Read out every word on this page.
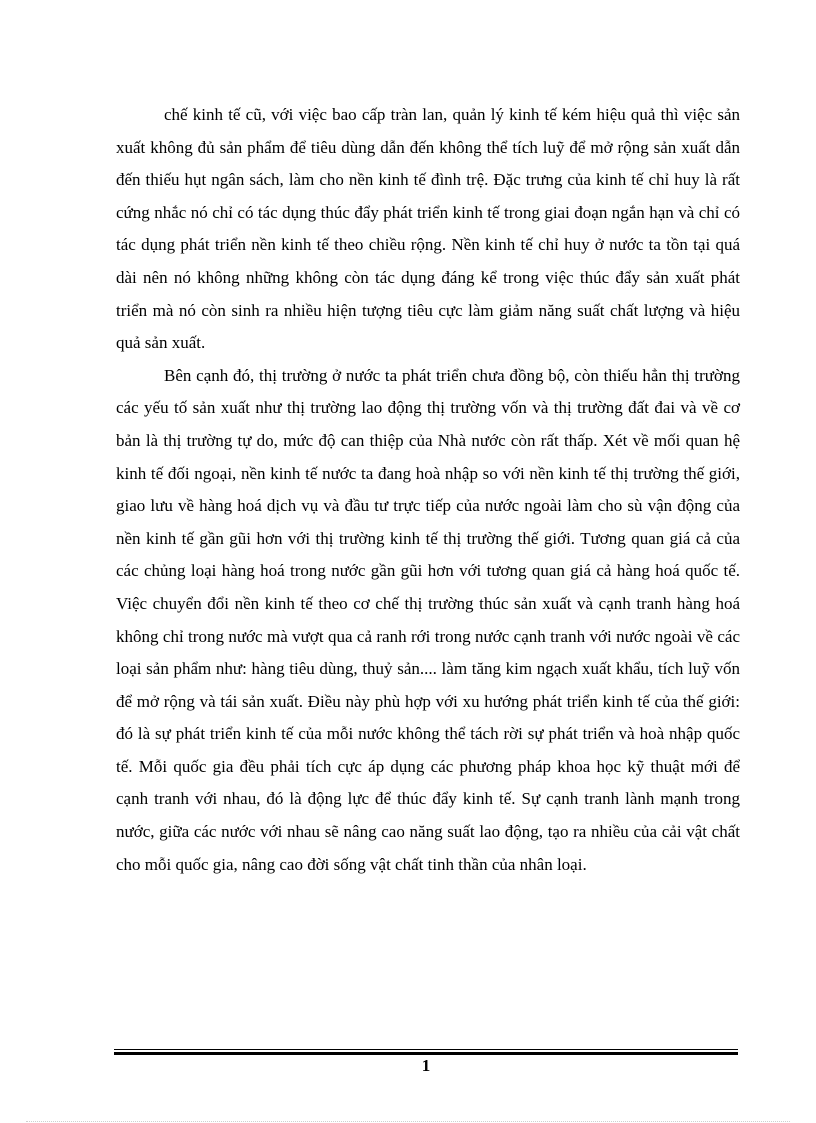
chế kinh tế cũ, với việc bao cấp tràn lan, quản lý kinh tế kém hiệu quả thì việc sản xuất không đủ sản phẩm để tiêu dùng dẫn đến không thể tích luỹ để mở rộng sản xuất dẫn đến thiếu hụt ngân sách, làm cho nền kinh tế đình trệ. Đặc trưng của kinh tế chỉ huy là rất cứng nhắc nó chỉ có tác dụng thúc đẩy phát triển kinh tế trong giai đoạn ngắn hạn và chỉ có tác dụng phát triển nền kinh tế theo chiều rộng. Nền kinh tế chỉ huy ở nước ta tồn tại quá dài nên nó không những không còn tác dụng đáng kể trong việc thúc đẩy sản xuất phát triển mà nó còn sinh ra nhiều hiện tượng tiêu cực làm giảm năng suất chất lượng và hiệu quả sản xuất.

Bên cạnh đó, thị trường ở nước ta phát triển chưa đồng bộ, còn thiếu hẳn thị trường các yếu tố sản xuất như thị trường lao động thị trường vốn và thị trường đất đai và về cơ bản là thị trường tự do, mức độ can thiệp của Nhà nước còn rất thấp. Xét về mối quan hệ kinh tế đối ngoại, nền kinh tế nước ta đang hoà nhập so với nền kinh tế thị trường thế giới, giao lưu về hàng hoá dịch vụ và đầu tư trực tiếp của nước ngoài làm cho sù vận động của nền kinh tế gần gũi hơn với thị trường kinh tế thị trường thế giới. Tương quan giá cả của các chủng loại hàng hoá trong nước gần gũi hơn với tương quan giá cả hàng hoá quốc tế. Việc chuyển đổi nền kinh tế theo cơ chế thị trường thúc sản xuất và cạnh tranh hàng hoá không chỉ trong nước mà vượt qua cả ranh rới trong nước cạnh tranh với nước ngoài về các loại sản phẩm như: hàng tiêu dùng, thuỷ sản.... làm tăng kim ngạch xuất khẩu, tích luỹ vốn để mở rộng và tái sản xuất. Điều này phù hợp với xu hướng phát triển kinh tế của thế giới: đó là sự phát triển kinh tế của mỗi nước không thể tách rời sự phát triển và hoà nhập quốc tế. Mỗi quốc gia đều phải tích cực áp dụng các phương pháp khoa học kỹ thuật mới để cạnh tranh với nhau, đó là động lực để thúc đẩy kinh tế. Sự cạnh tranh lành mạnh trong nước, giữa các nước với nhau sẽ nâng cao năng suất lao động, tạo ra nhiều của cải vật chất cho mỗi quốc gia, nâng cao đời sống vật chất tinh thần của nhân loại.

1
